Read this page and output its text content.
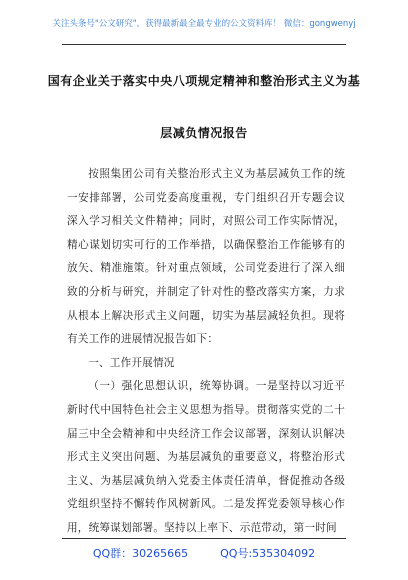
关注头条号"公文研究"，获得最新最全最专业的公文资料库！ 微信：gongwenyj
国有企业关于落实中央八项规定精神和整治形式主义为基
层减负情况报告

按照集团公司有关整治形式主义为基层减负工作的统一安排部署，公司党委高度重视，专门组织召开专题会议深入学习相关文件精神；同时，对照公司工作实际情况，精心谋划切实可行的工作举措，以确保整治工作能够有的放矢、精准施策。针对重点领域，公司党委进行了深入细致的分析与研究，并制定了针对性的整改落实方案，力求从根本上解决形式主义问题，切实为基层减轻负担。现将有关工作的进展情况报告如下：

一、工作开展情况

（一）强化思想认识，统筹协调。一是坚持以习近平新时代中国特色社会主义思想为指导。贯彻落实党的二十届三中全会精神和中央经济工作会议部署，深刻认识解决形式主义突出问题、为基层减负的重要意义，将整治形式主义、为基层减负纳入党委主体责任清单，督促推动各级党组织坚持不懈转作风树新风。二是发挥党委领导核心作用，统筹谋划部署。坚持以上率下、示范带动，第一时间

QQ群：30265665	QQ号:535304092
